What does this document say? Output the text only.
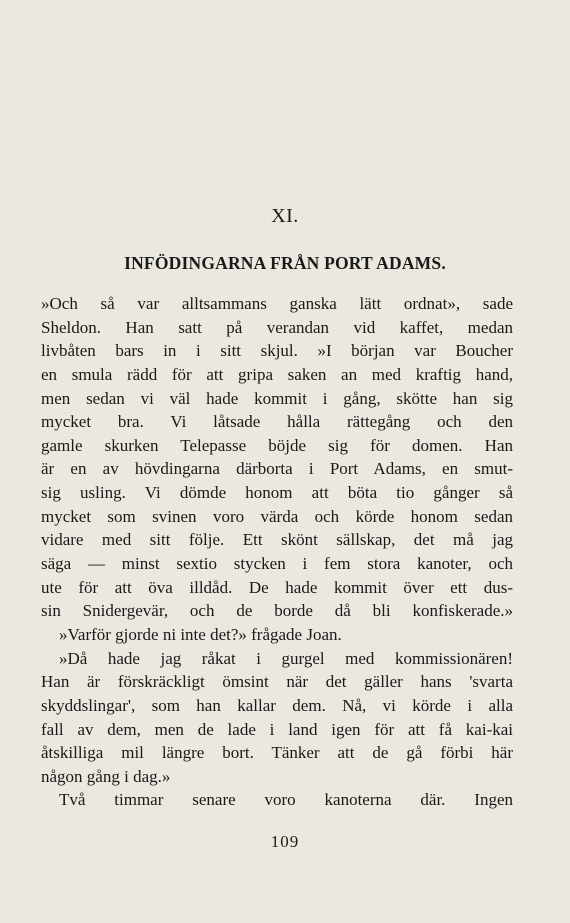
XI.
INFÖDINGARNA FRÅN PORT ADAMS.
»Och så var alltsammans ganska lätt ordnat», sade
Sheldon. Han satt på verandan vid kaffet, medan
livbåten bars in i sitt skjul. »I början var Boucher
en smula rädd för att gripa saken an med kraftig hand,
men sedan vi väl hade kommit i gång, skötte han sig
mycket bra. Vi låtsade hålla rättegång och den
gamle skurken Telepasse böjde sig för domen. Han
är en av hövdingarna därborta i Port Adams, en smut-
sig usling. Vi dömde honom att böta tio gånger så
mycket som svinen voro värda och körde honom sedan
vidare med sitt följe. Ett skönt sällskap, det må jag
säga — minst sextio stycken i fem stora kanoter, och
ute för att öva illdåd. De hade kommit över ett dus-
sin Snidergevär, och de borde då bli konfiskerade.»
»Varför gjorde ni inte det?» frågade Joan.
»Då hade jag råkat i gurgel med kommissionären!
Han är förskräckligt ömsint när det gäller hans 'svarta
skyddslingar', som han kallar dem. Nå, vi körde i alla
fall av dem, men de lade i land igen för att få kai-kai
åtskilliga mil längre bort. Tänker att de gå förbi här
någon gång i dag.»
Två timmar senare voro kanoterna där. Ingen
109
